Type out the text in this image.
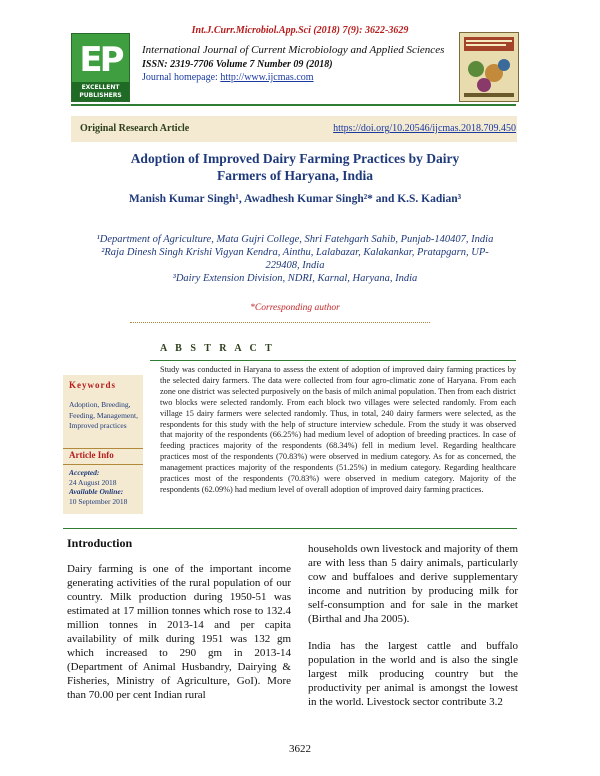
Int.J.Curr.Microbiol.App.Sci (2018) 7(9): 3622-3629
EP
EXCELLENT
PUBLISHERS
International Journal of Current Microbiology and Applied Sciences
ISSN: 2319-7706 Volume 7 Number 09 (2018)
Journal homepage: http://www.ijcmas.com
Original Research Article	https://doi.org/10.20546/ijcmas.2018.709.450
Adoption of Improved Dairy Farming Practices by Dairy
Farmers of Haryana, India
Manish Kumar Singh¹, Awadhesh Kumar Singh²* and K.S. Kadian³
¹Department of Agriculture, Mata Gujri College, Shri Fatehgarh Sahib, Punjab-140407, India
²Raja Dinesh Singh Krishi Vigyan Kendra, Ainthu, Lalabazar, Kalakankar, Pratapgarn, UP-229408, India
³Dairy Extension Division, NDRI, Karnal, Haryana, India
*Corresponding author
A B S T R A C T
Study was conducted in Haryana to assess the extent of adoption of improved dairy farming practices by the selected dairy farmers. The data were collected from four agro-climatic zone of Haryana. From each zone one district was selected purposively on the basis of milch animal population. Then from each district two blocks were selected randomly. From each block two villages were selected randomly. From each village 15 dairy farmers were selected randomly. Thus, in total, 240 dairy farmers were selected, as the respondents for this study with the help of structure interview schedule. From the study it was observed that majority of the respondents (66.25%) had medium level of adoption of breeding practices. In case of feeding practices majority of the respondents (68.34%) fell in medium level. Regarding healthcare practices most of the respondents (70.83%) were observed in medium category. As for as concerned, the management practices majority of the respondents (51.25%) in medium category. Regarding healthcare practices most of the respondents (70.83%) were observed in medium category. Majority of the respondents (62.09%) had medium level of overall adoption of improved dairy farming practices.
Keywords
Adoption, Breeding, Feeding, Management, Improved practices
Article Info
Accepted:
24 August 2018
Available Online:
10 September 2018
Introduction
Dairy farming is one of the important income generating activities of the rural population of our country. Milk production during 1950-51 was estimated at 17 million tonnes which rose to 132.4 million tonnes in 2013-14 and per capita availability of milk during 1951 was 132 gm which increased to 290 gm in 2013-14 (Department of Animal Husbandry, Dairying & Fisheries, Ministry of Agriculture, GoI). More than 70.00 per cent Indian rural

households own livestock and majority of them are with less than 5 dairy animals, particularly cow and buffaloes and derive supplementary income and nutrition by producing milk for self-consumption and for sale in the market (Birthal and Jha 2005).

India has the largest cattle and buffalo population in the world and is also the single largest milk producing country but the productivity per animal is amongst the lowest in the world. Livestock sector contribute 3.2

3622
